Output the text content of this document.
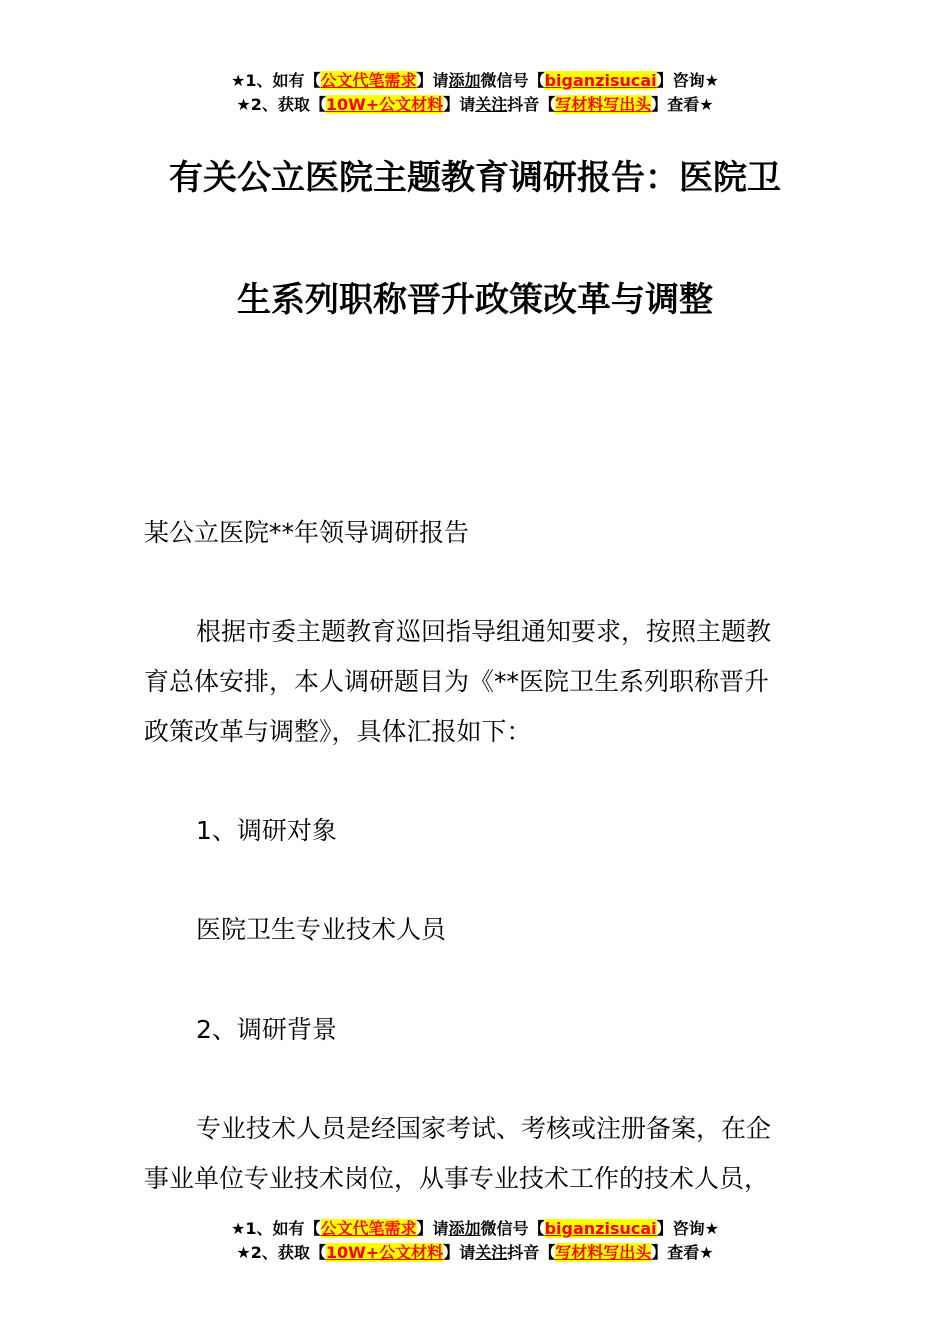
★1、如有【公文代笔需求】请添加微信号【biganzisucai】咨询★
★2、获取【10W+公文材料】请关注抖音【写材料写出头】查看★
有关公立医院主题教育调研报告：医院卫
生系列职称晋升政策改革与调整
某公立医院**年领导调研报告
根据市委主题教育巡回指导组通知要求，按照主题教
育总体安排，本人调研题目为《**医院卫生系列职称晋升
政策改革与调整》，具体汇报如下：
1、调研对象
医院卫生专业技术人员
2、调研背景
专业技术人员是经国家考试、考核或注册备案，在企
事业单位专业技术岗位，从事专业技术工作的技术人员，
★1、如有【公文代笔需求】请添加微信号【biganzisucai】咨询★
★2、获取【10W+公文材料】请关注抖音【写材料写出头】查看★
